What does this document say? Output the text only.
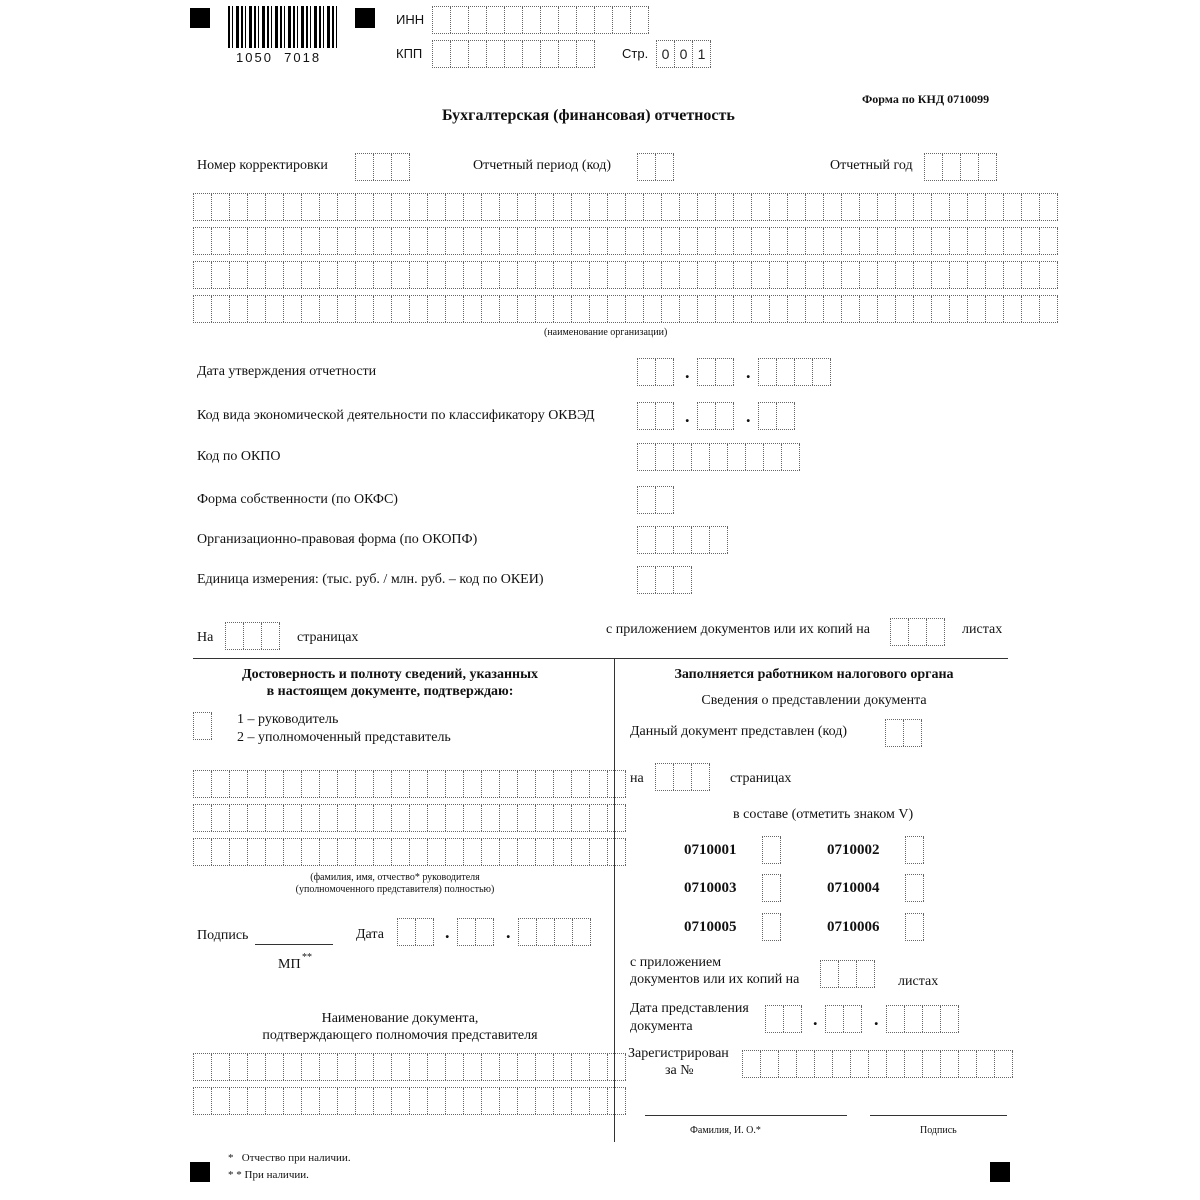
1050  7018
ИНН
КПП	Стр. 0 0 1
Форма по КНД 0710099
Бухгалтерская (финансовая) отчетность
Номер корректировки	Отчетный период (код)	Отчетный год
(наименование организации)
Дата утверждения отчетности	.	.
Код вида экономической деятельности по классификатору ОКВЭД	.	.
Код по ОКПО
Форма собственности (по ОКФС)
Организационно-правовая форма (по ОКОПФ)
Единица измерения: (тыс. руб. / млн. руб. – код по ОКЕИ)
На	страницах
с приложением документов или их копий на	листах
Достоверность и полноту сведений, указанных
в настоящем документе, подтверждаю:
1 – руководитель
2 – уполномоченный представитель
(фамилия, имя, отчество* руководителя
(уполномоченного представителя) полностью)
Подпись	Дата	.	.
МП **
Наименование документа,
подтверждающего полномочия представителя
Заполняется работником налогового органа
Сведения о представлении документа
Данный документ представлен (код)
на	страницах
в составе (отметить знаком V)
0710001	0710002
0710003	0710004
0710005	0710006
с приложением
документов или их копий на	листах
Дата представления
документа	.	.
Зарегистрирован
за №
Фамилия, И. О.*	Подпись
*   Отчество при наличии.
* * При наличии.
